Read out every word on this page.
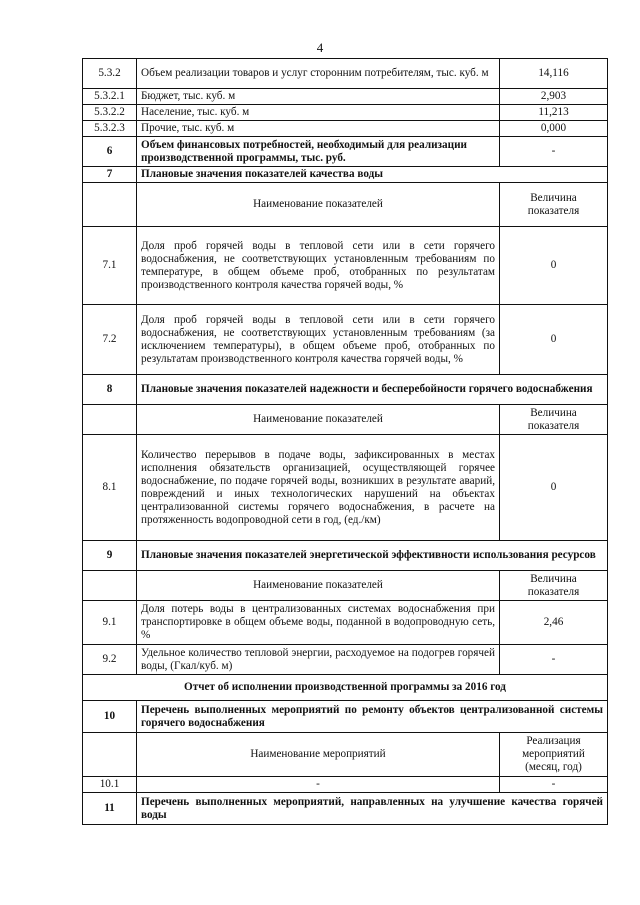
4
5.3.2	Объем реализации товаров и услуг сторонним потребителям, тыс. куб. м	14,116
5.3.2.1	Бюджет, тыс. куб. м	2,903
5.3.2.2	Население, тыс. куб. м	11,213
5.3.2.3	Прочие, тыс. куб. м	0,000
6	Объем финансовых потребностей, необходимый для реализации производственной программы, тыс. руб.	-
7	Плановые значения показателей качества воды	
	Наименование показателей	Величина показателя
7.1	Доля проб горячей воды в тепловой сети или в сети горячего водоснабжения, не соответствующих установленным требованиям по температуре, в общем объеме проб, отобранных по результатам производственного контроля качества горячей воды, %	0
7.2	Доля проб горячей воды в тепловой сети или в сети горячего водоснабжения, не соответствующих установленным требованиям (за исключением температуры), в общем объеме проб, отобранных по результатам производственного контроля качества горячей воды, %	0
8	Плановые значения показателей надежности и бесперебойности горячего водоснабжения	
	Наименование показателей	Величина показателя
8.1	Количество перерывов в подаче воды, зафиксированных в местах исполнения обязательств организацией, осуществляющей горячее водоснабжение, по подаче горячей воды, возникших в результате аварий, повреждений и иных технологических нарушений на объектах централизованной системы горячего водоснабжения, в расчете на протяженность водопроводной сети в год, (ед./км)	0
9	Плановые значения показателей энергетической эффективности использования ресурсов	
	Наименование показателей	Величина показателя
9.1	Доля потерь воды в централизованных системах водоснабжения при транспортировке в общем объеме воды, поданной в водопроводную сеть, %	2,46
9.2	Удельное количество тепловой энергии, расходуемое на подогрев горячей воды, (Гкал/куб. м)	-
Отчет об исполнении производственной программы за 2016 год		
10	Перечень выполненных мероприятий по ремонту объектов централизованной системы горячего водоснабжения	
	Наименование мероприятий	Реализация мероприятий (месяц, год)
10.1	-	-
11	Перечень выполненных мероприятий, направленных на улучшение качества горячей воды	
